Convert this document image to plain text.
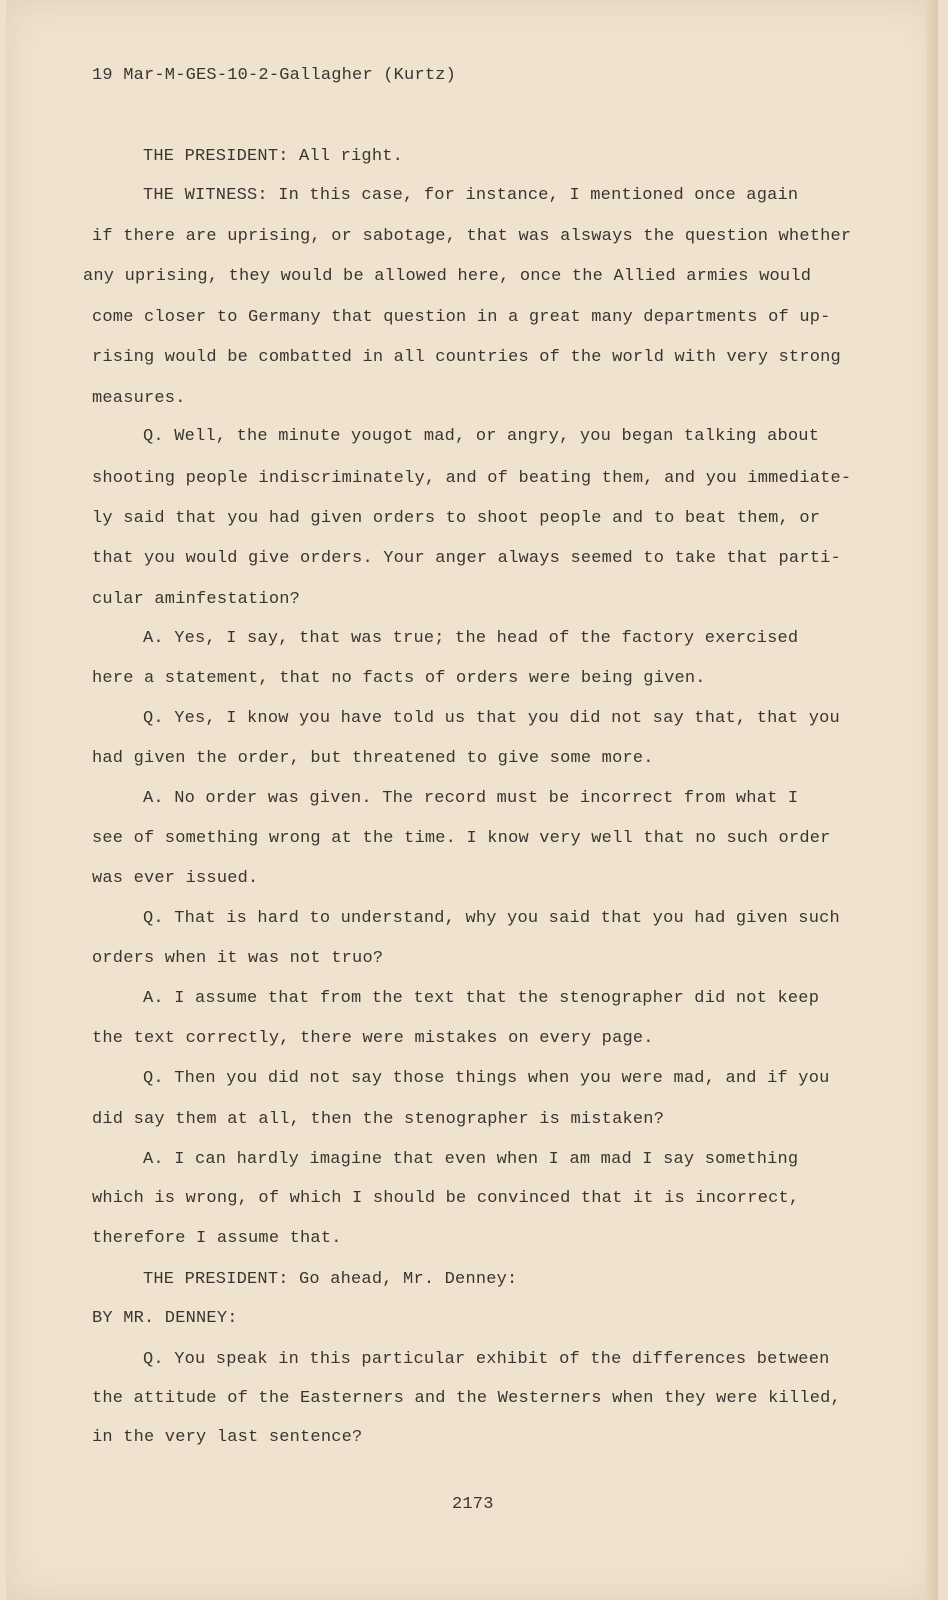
19 Mar-M-GES-10-2-Gallagher (Kurtz)
THE PRESIDENT: All right.
THE WITNESS: In this case, for instance, I mentioned once again
if there are uprising, or sabotage, that was alsways the question whether
any uprising, they would be allowed here, once the Allied armies would
come closer to Germany that question in a great many departments of up-
rising would be combatted in all countries of the world with very strong
measures.
Q. Well, the minute yougot mad, or angry, you began talking about
shooting people indiscriminately, and of beating them, and you immediate-
ly said that you had given orders to shoot people and to beat them, or
that you would give orders. Your anger always seemed to take that parti-
cular aminfestation?
A. Yes, I say, that was true; the head of the factory exercised
here a statement, that no facts of orders were being given.
Q. Yes, I know you have told us that you did not say that, that you
had given the order, but threatened to give some more.
A. No order was given. The record must be incorrect from what I
see of something wrong at the time. I know very well that no such order
was ever issued.
Q. That is hard to understand, why you said that you had given such
orders when it was not truo?
A. I assume that from the text that the stenographer did not keep
the text correctly, there were mistakes on every page.
Q. Then you did not say those things when you were mad, and if you
did say them at all, then the stenographer is mistaken?
A. I can hardly imagine that even when I am mad I say something
which is wrong, of which I should be convinced that it is incorrect,
therefore I assume that.
THE PRESIDENT: Go ahead, Mr. Denney:
BY MR. DENNEY:
Q. You speak in this particular exhibit of the differences between
the attitude of the Easterners and the Westerners when they were killed,
in the very last sentence?
2173
